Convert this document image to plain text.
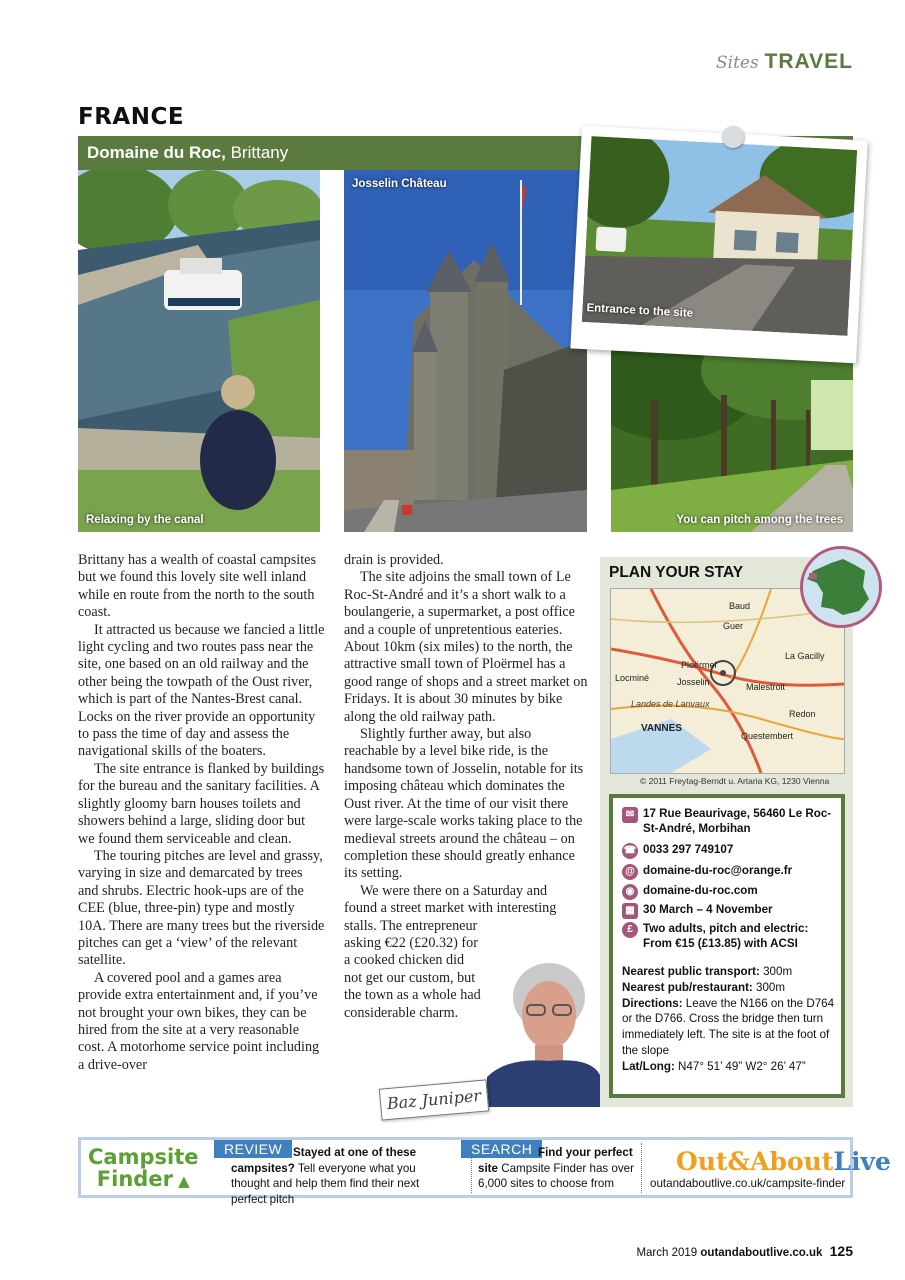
Sites TRAVEL
FRANCE
Domaine du Roc, Brittany
Relaxing by the canal
Josselin Château
You can pitch among the trees
Entrance to the site

Brittany has a wealth of coastal campsites but we found this lovely site well inland while en route from the north to the south coast.

It attracted us because we fancied a little light cycling and two routes pass near the site, one based on an old railway and the other being the towpath of the Oust river, which is part of the Nantes-Brest canal. Locks on the river provide an opportunity to pass the time of day and assess the navigational skills of the boaters.

The site entrance is flanked by buildings for the bureau and the sanitary facilities. A slightly gloomy barn houses toilets and showers behind a large, sliding door but we found them serviceable and clean.

The touring pitches are level and grassy, varying in size and demarcated by trees and shrubs. Electric hook-ups are of the CEE (blue, three-pin) type and mostly 10A. There are many trees but the riverside pitches can get a ‘view’ of the relevant satellite.

A covered pool and a games area provide extra entertainment and, if you’ve not brought your own bikes, they can be hired from the site at a very reasonable cost. A motorhome service point including a drive-over

drain is provided.

The site adjoins the small town of Le Roc-St-André and it’s a short walk to a boulangerie, a supermarket, a post office and a couple of unpretentious eateries. About 10km (six miles) to the north, the attractive small town of Ploërmel has a good range of shops and a street market on Fridays. It is about 30 minutes by bike along the old railway path.

Slightly further away, but also reachable by a level bike ride, is the handsome town of Josselin, notable for its imposing château which dominates the Oust river. At the time of our visit there were large-scale works taking place to the medieval streets around the château – on completion these should greatly enhance its setting.

We were there on a Saturday and
found a street market with interesting
stalls. The entrepreneur
asking €22 (£20.32) for
a cooked chicken did
not get our custom, but
the town as a whole had
considerable charm.
Baz Juniper
PLAN YOUR STAY
Ploërmel
Josselin	Malestroit
Guer
Baud
VANNES
Questembert
Locminé
La Gacilly
Redon
Landes de Lanvaux
© 2011 Freytag-Berndt u. Artaria KG, 1230 Vienna
✉ 17 Rue Beaurivage, 56460 Le Roc-St-André, Morbihan
☎ 0033 297 749107
@ domaine-du-roc@orange.fr
◉ domaine-du-roc.com
▦ 30 March – 4 November
£ Two adults, pitch and electric: From €15 (£13.85) with ACSI
Nearest public transport: 300m
Nearest pub/restaurant: 300m
Directions: Leave the N166 on the D764 or the D766. Cross the bridge then turn immediately left. The site is at the foot of the slope
Lat/Long: N47° 51’ 49” W2° 26’ 47”
Campsite
Finder ▲
REVIEW Stayed at one of these campsites? Tell everyone what you thought and help them find their next perfect pitch
SEARCH Find your perfect site Campsite Finder has over 6,000 sites to choose from
Out&AboutLive
outandaboutlive.co.uk/campsite-finder
March 2019 outandaboutlive.co.uk 125
